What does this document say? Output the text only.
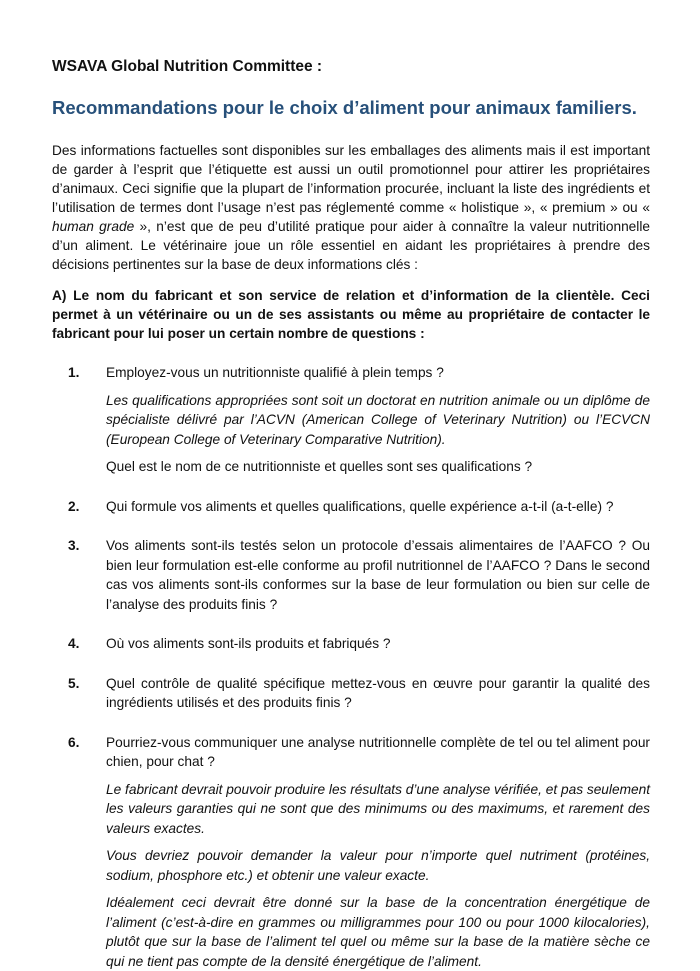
WSAVA Global Nutrition Committee :

Recommandations pour le choix d’aliment pour animaux familiers.

Des informations factuelles sont disponibles sur les emballages des aliments mais il est important de garder à l’esprit que l’étiquette est aussi un outil promotionnel pour attirer les propriétaires d’animaux. Ceci signifie que la plupart de l’information procurée, incluant la liste des ingrédients et l’utilisation de termes dont l’usage n’est pas réglementé comme « holistique », « premium » ou « human grade », n’est que de peu d’utilité pratique pour aider à connaître la valeur nutritionnelle d’un aliment. Le vétérinaire joue un rôle essentiel en aidant les propriétaires à prendre des décisions pertinentes sur la base de deux informations clés :

A) Le nom du fabricant et son service de relation et d’information de la clientèle. Ceci permet à un vétérinaire ou un de ses assistants ou même au propriétaire de contacter le fabricant pour lui poser un certain nombre de questions :

1. Employez-vous un nutritionniste qualifié à plein temps ?

Les qualifications appropriées sont soit un doctorat en nutrition animale ou un diplôme de spécialiste délivré par l’ACVN (American College of Veterinary Nutrition) ou l’ECVCN (European College of Veterinary Comparative Nutrition).

Quel est le nom de ce nutritionniste et quelles sont ses qualifications ?

2. Qui formule vos aliments et quelles qualifications, quelle expérience a-t-il (a-t-elle) ?

3. Vos aliments sont-ils testés selon un protocole d’essais alimentaires de l’AAFCO ? Ou bien leur formulation est-elle conforme au profil nutritionnel de l’AAFCO ? Dans le second cas vos aliments sont-ils conformes sur la base de leur formulation ou bien sur celle de l’analyse des produits finis ?

4. Où vos aliments sont-ils produits et fabriqués ?

5. Quel contrôle de qualité spécifique mettez-vous en œuvre pour garantir la qualité des ingrédients utilisés et des produits finis ?

6. Pourriez-vous communiquer une analyse nutritionnelle complète de tel ou tel aliment pour chien, pour chat ?

Le fabricant devrait pouvoir produire les résultats d’une analyse vérifiée, et pas seulement les valeurs garanties qui ne sont que des minimums ou des maximums, et rarement des valeurs exactes.

Vous devriez pouvoir demander la valeur pour n’importe quel nutriment (protéines, sodium, phosphore etc.) et obtenir une valeur exacte.

Idéalement ceci devrait être donné sur la base de la concentration énergétique de l’aliment (c’est-à-dire en grammes ou milligrammes pour 100 ou pour 1000 kilocalories), plutôt que sur la base de l’aliment tel quel ou même sur la base de la matière sèche ce qui ne tient pas compte de la densité énergétique de l’aliment.
